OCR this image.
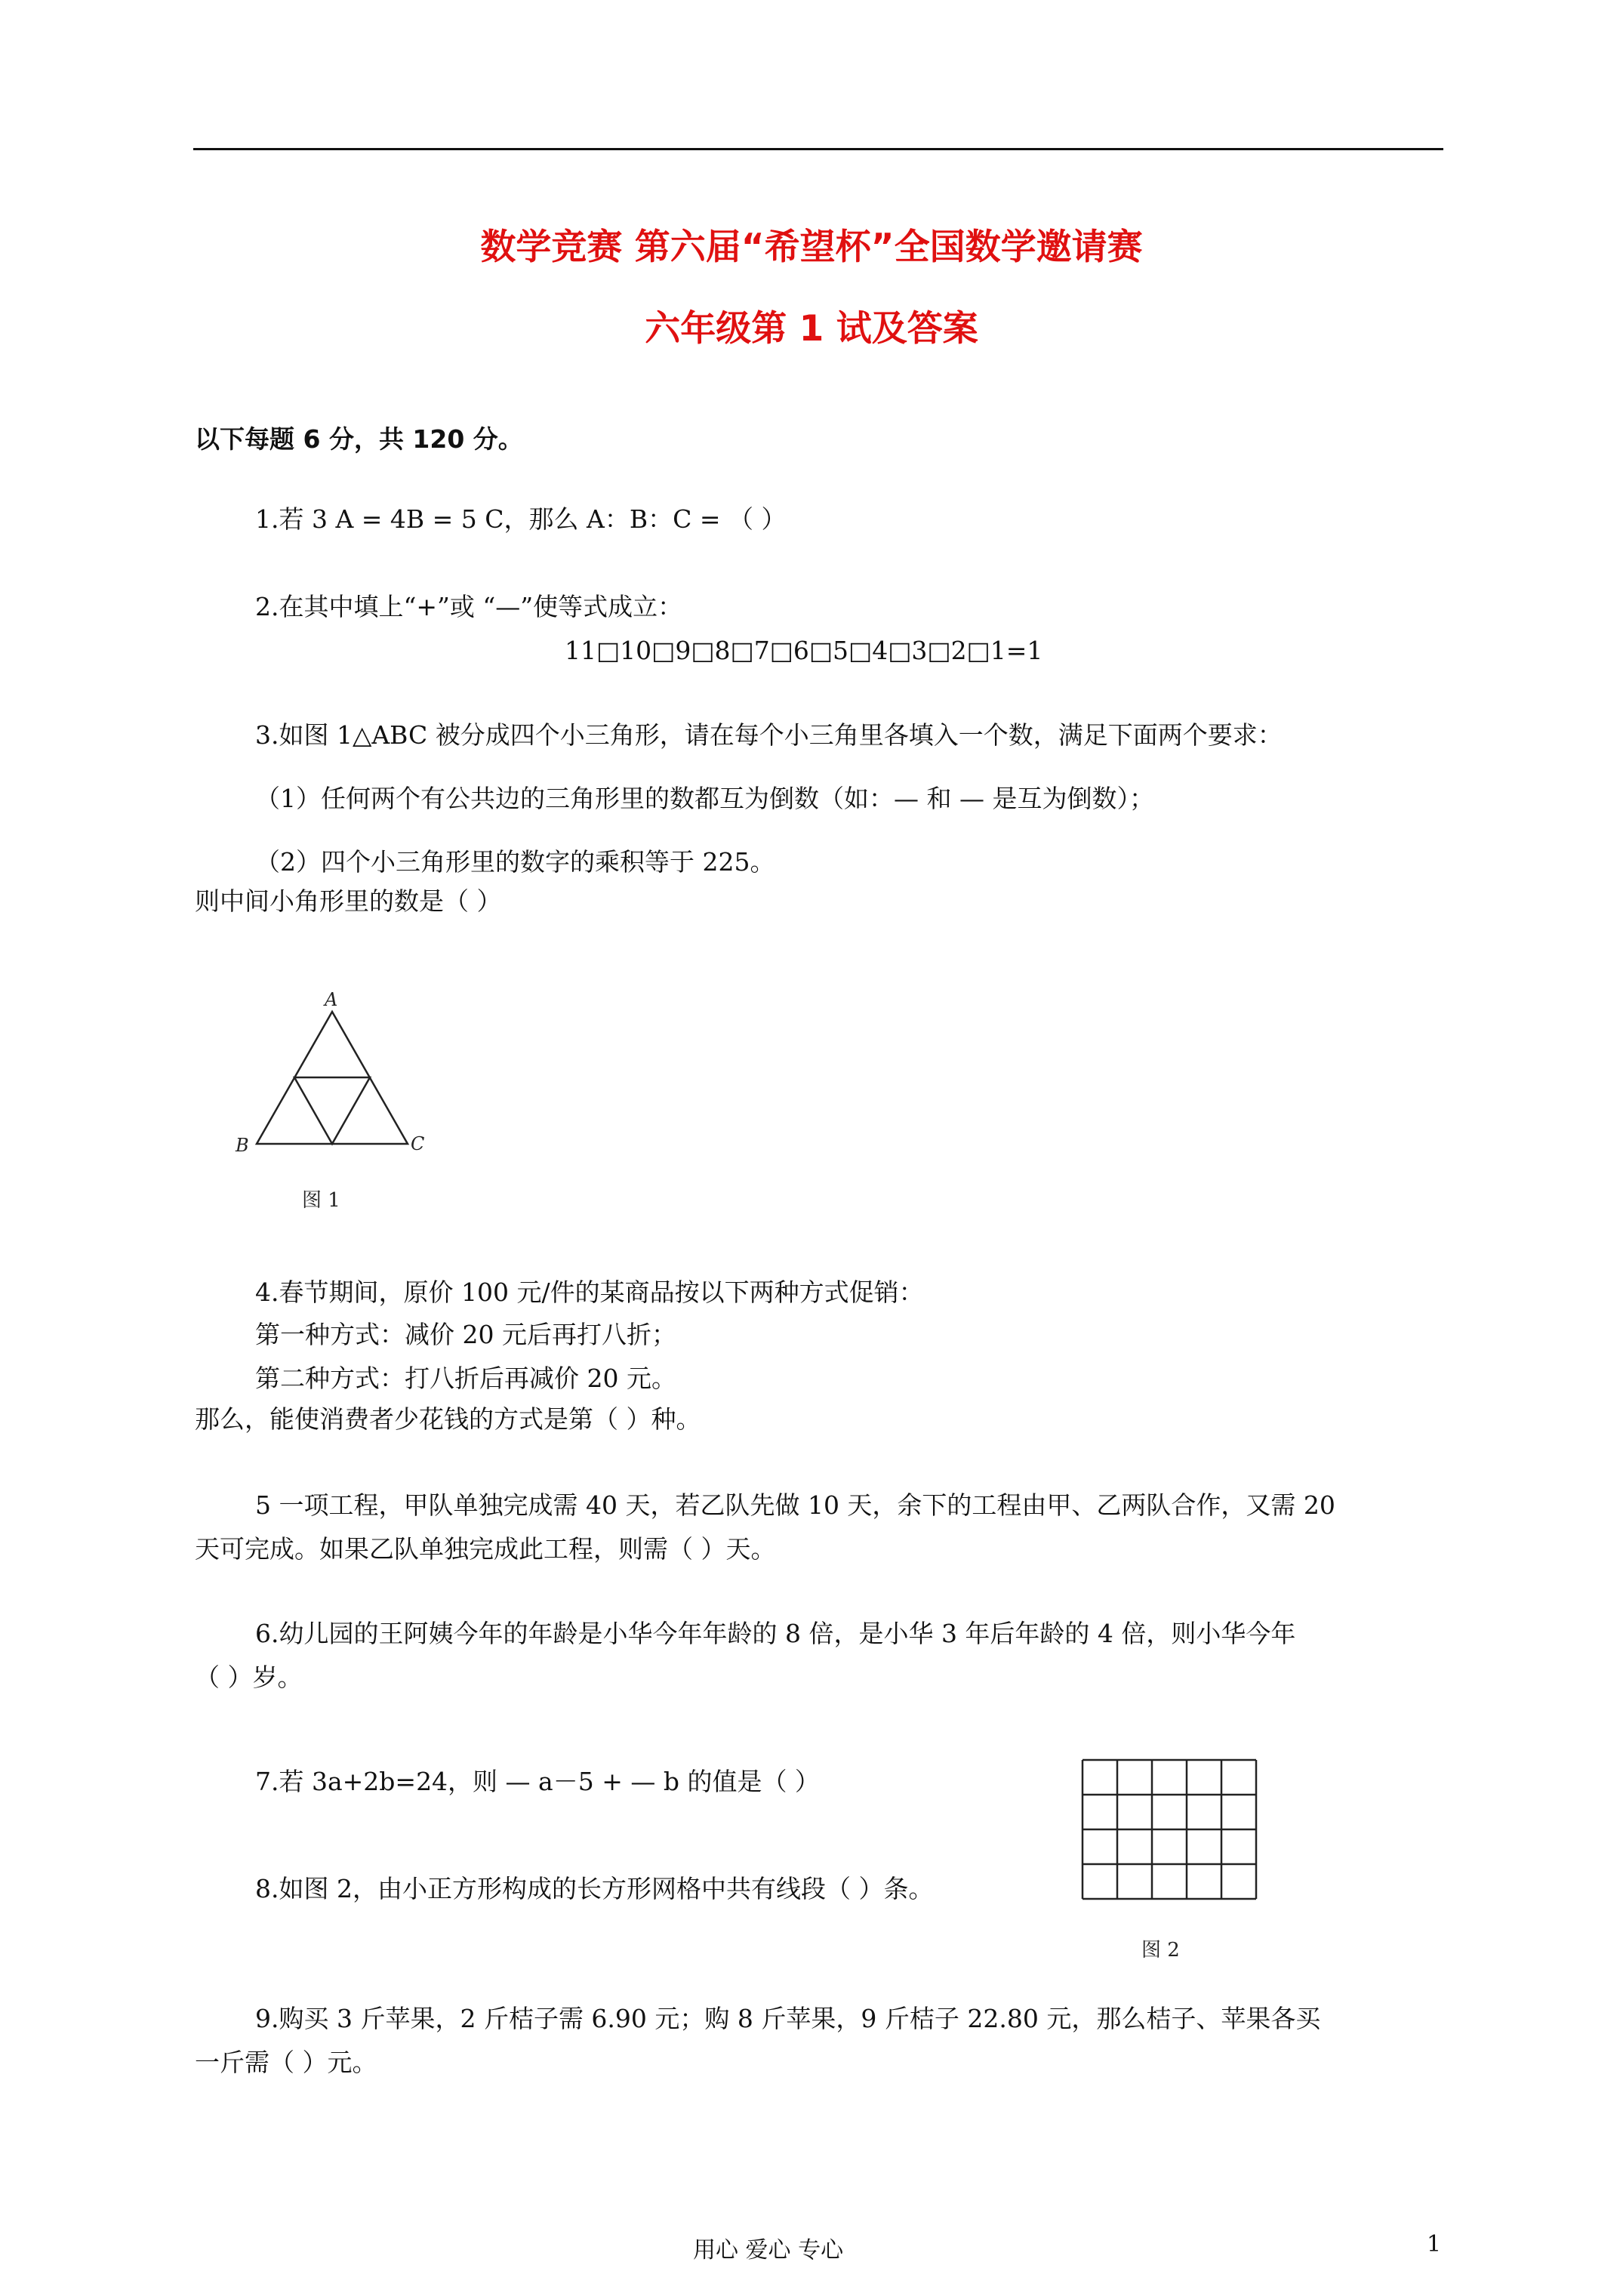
数学竞赛 第六届“希望杯”全国数学邀请赛
六年级第 1 试及答案
以下每题 6 分，共 120 分。
1.若 3 A = 4B = 5 C，那么 A：B：C = （ ）
2.在其中填上“+”或 “—”使等式成立：
11□10□9□8□7□6□5□4□3□2□1=1
3.如图 1△ABC 被分成四个小三角形，请在每个小三角里各填入一个数，满足下面两个要求：
（1）任何两个有公共边的三角形里的数都互为倒数（如：— 和 — 是互为倒数）；
（2）四个小三角形里的数字的乘积等于 225。
则中间小角形里的数是（ ）
A
B	C
图 1
4.春节期间，原价 100 元/件的某商品按以下两种方式促销：
第一种方式：减价 20 元后再打八折；
第二种方式：打八折后再减价 20 元。
那么，能使消费者少花钱的方式是第（ ）种。
5 一项工程，甲队单独完成需 40 天，若乙队先做 10 天，余下的工程由甲、乙两队合作，又需 20
天可完成。如果乙队单独完成此工程，则需（ ）天。
6.幼儿园的王阿姨今年的年龄是小华今年年龄的 8 倍，是小华 3 年后年龄的 4 倍，则小华今年
（ ）岁。
7.若 3a+2b=24，则 — a－5 + — b 的值是（ ）
8.如图 2，由小正方形构成的长方形网格中共有线段（ ）条。
图 2
9.购买 3 斤苹果，2 斤桔子需 6.90 元；购 8 斤苹果，9 斤桔子 22.80 元，那么桔子、苹果各买
一斤需（ ）元。
用心 爱心 专心	1
